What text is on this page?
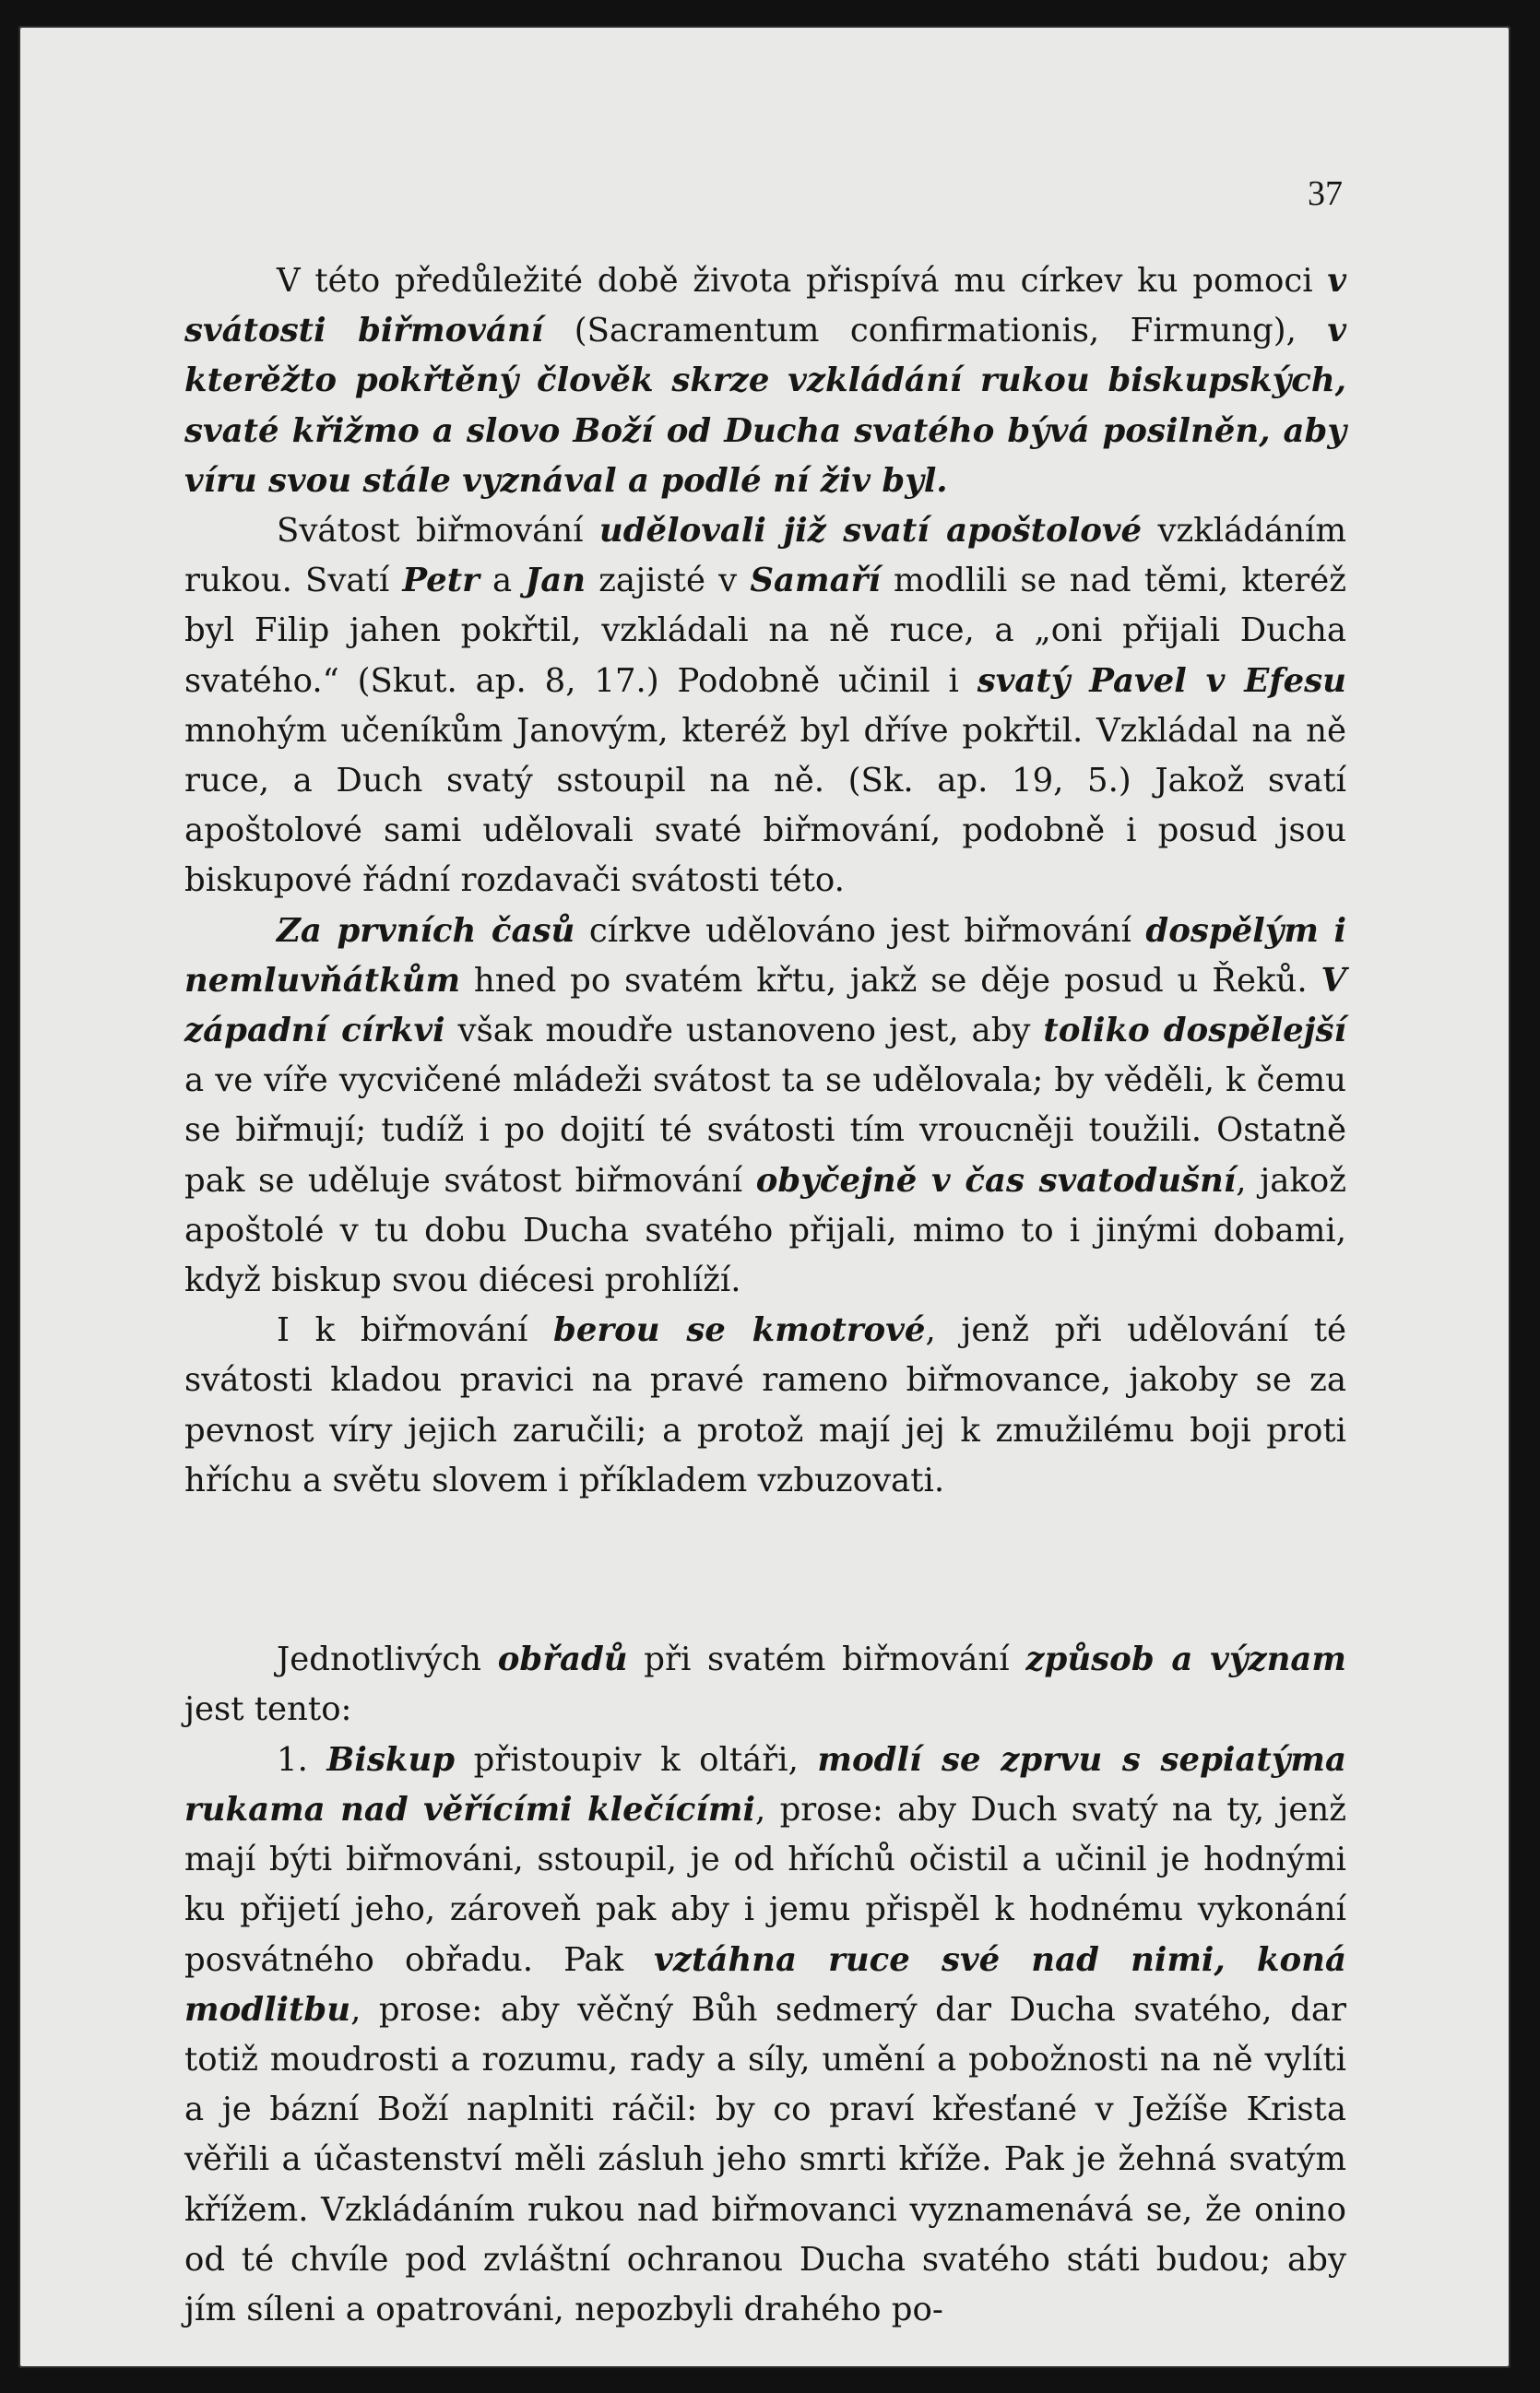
37

V této předůležité době života přispívá mu církev ku pomoci v svátosti biřmování (Sacramentum confirmationis, Firmung), v kterěžto pokřtěný člověk skrze vzkládání rukou biskupských, svaté křižmo a slovo Boží od Ducha svatého bývá posilněn, aby víru svou stále vyznával a podlé ní živ byl.

Svátost biřmování udělovali již svatí apoštolové vzkládáním rukou. Svatí Petr a Jan zajisté v Samaří modlili se nad těmi, kteréž byl Filip jahen pokřtil, vzkládali na ně ruce, a „oni přijali Ducha svatého.“ (Skut. ap. 8, 17.) Podobně učinil i svatý Pavel v Efesu mnohým učeníkům Janovým, kteréž byl dříve pokřtil. Vzkládal na ně ruce, a Duch svatý sstoupil na ně. (Sk. ap. 19, 5.) Jakož svatí apoštolové sami udělovali svaté biřmování, podobně i posud jsou biskupové řádní rozdavači svátosti této.

Za prvních časů církve udělováno jest biřmování dospělým i nemluvňátkům hned po svatém křtu, jakž se děje posud u Řeků. V západní církvi však moudře ustanoveno jest, aby toliko dospělejší a ve víře vycvičené mládeži svátost ta se udělovala; by věděli, k čemu se biřmují; tudíž i po dojití té svátosti tím vroucněji toužili. Ostatně pak se uděluje svátost biřmování obyčejně v čas svatodušní, jakož apoštolé v tu dobu Ducha svatého přijali, mimo to i jinými dobami, když biskup svou diécesi prohlíží.

I k biřmování berou se kmotrové, jenž při udělování té svátosti kladou pravici na pravé rameno biřmovance, jakoby se za pevnost víry jejich zaručili; a protož mají jej k zmužilému boji proti hříchu a světu slovem i příkladem vzbuzovati.

Jednotlivých obřadů při svatém biřmování způsob a význam jest tento:

1. Biskup přistoupiv k oltáři, modlí se zprvu s sepiatýma rukama nad věřícími klečícími, prose: aby Duch svatý na ty, jenž mají býti biřmováni, sstoupil, je od hříchů očistil a učinil je hodnými ku přijetí jeho, zároveň pak aby i jemu přispěl k hodnému vykonání posvátného obřadu. Pak vztáhna ruce své nad nimi, koná modlitbu, prose: aby věčný Bůh sedmerý dar Ducha svatého, dar totiž moudrosti a rozumu, rady a síly, umění a pobožnosti na ně vylíti a je bázní Boží naplniti ráčil: by co praví křesťané v Ježíše Krista věřili a účastenství měli zásluh jeho smrti kříže. Pak je žehná svatým křížem. Vzkládáním rukou nad biřmovanci vyznamenává se, že onino od té chvíle pod zvláštní ochranou Ducha svatého státi budou; aby jím síleni a opatrováni, nepozbyli drahého po-
